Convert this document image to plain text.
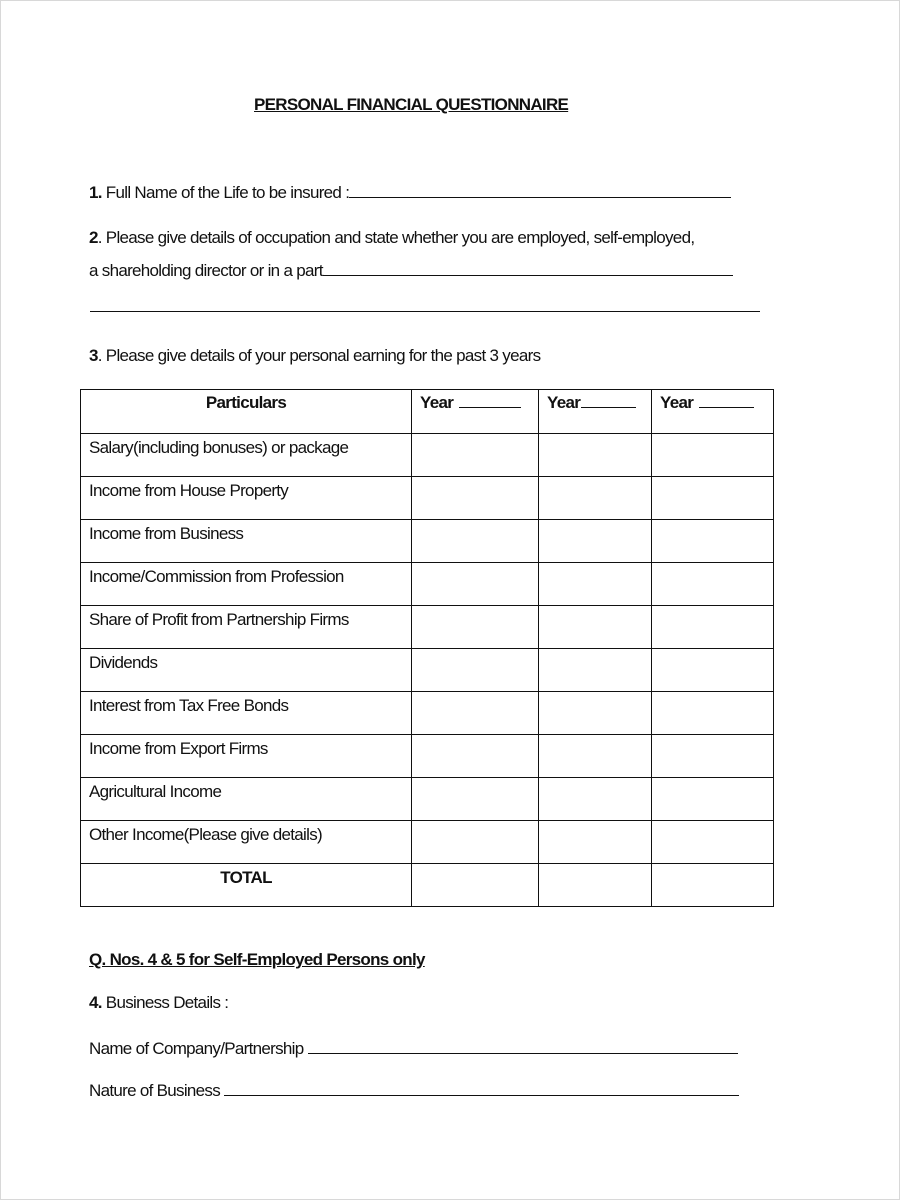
PERSONAL FINANCIAL QUESTIONNAIRE
1. Full Name of the Life to be insured :
2. Please give details of occupation and state whether you are employed, self-employed,
a shareholding director or in a part
3. Please give details of your personal earning for the past 3 years
Particulars	Year	Year	Year
Salary(including bonuses) or package			
Income from House Property			
Income from Business			
Income/Commission from Profession			
Share of Profit from Partnership Firms			
Dividends			
Interest from Tax Free Bonds			
Income from Export Firms			
Agricultural Income			
Other Income(Please give details)			
TOTAL			
Q. Nos. 4 & 5 for Self-Employed Persons only
4. Business Details :
Name of Company/Partnership
Nature of Business
